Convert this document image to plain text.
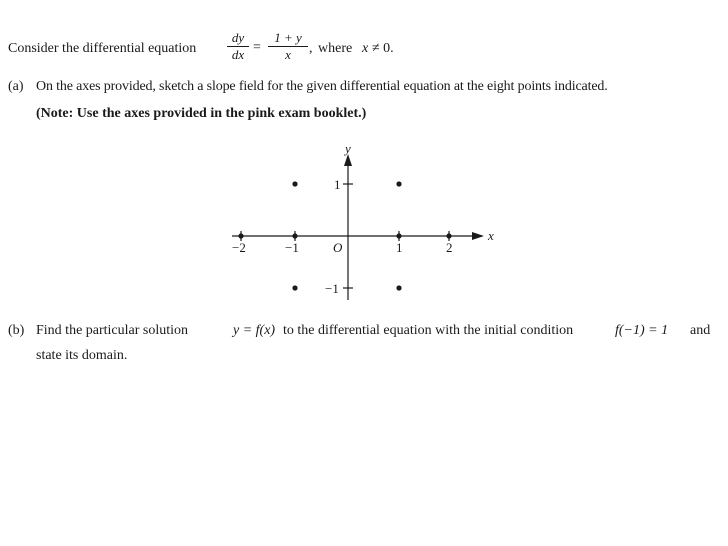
Consider the differential equation
dy
dx =
1 + y
x	, where x ≠ 0.
(a) On the axes provided, sketch a slope field for the given differential equation at the eight points indicated.
(Note: Use the axes provided in the pink exam booklet.)
y
x
O
−2	−1	1	2
1
−1
(b) Find the particular solution	y = f(x) to the differential equation with the initial condition	f(−1) = 1 and
state its domain.
